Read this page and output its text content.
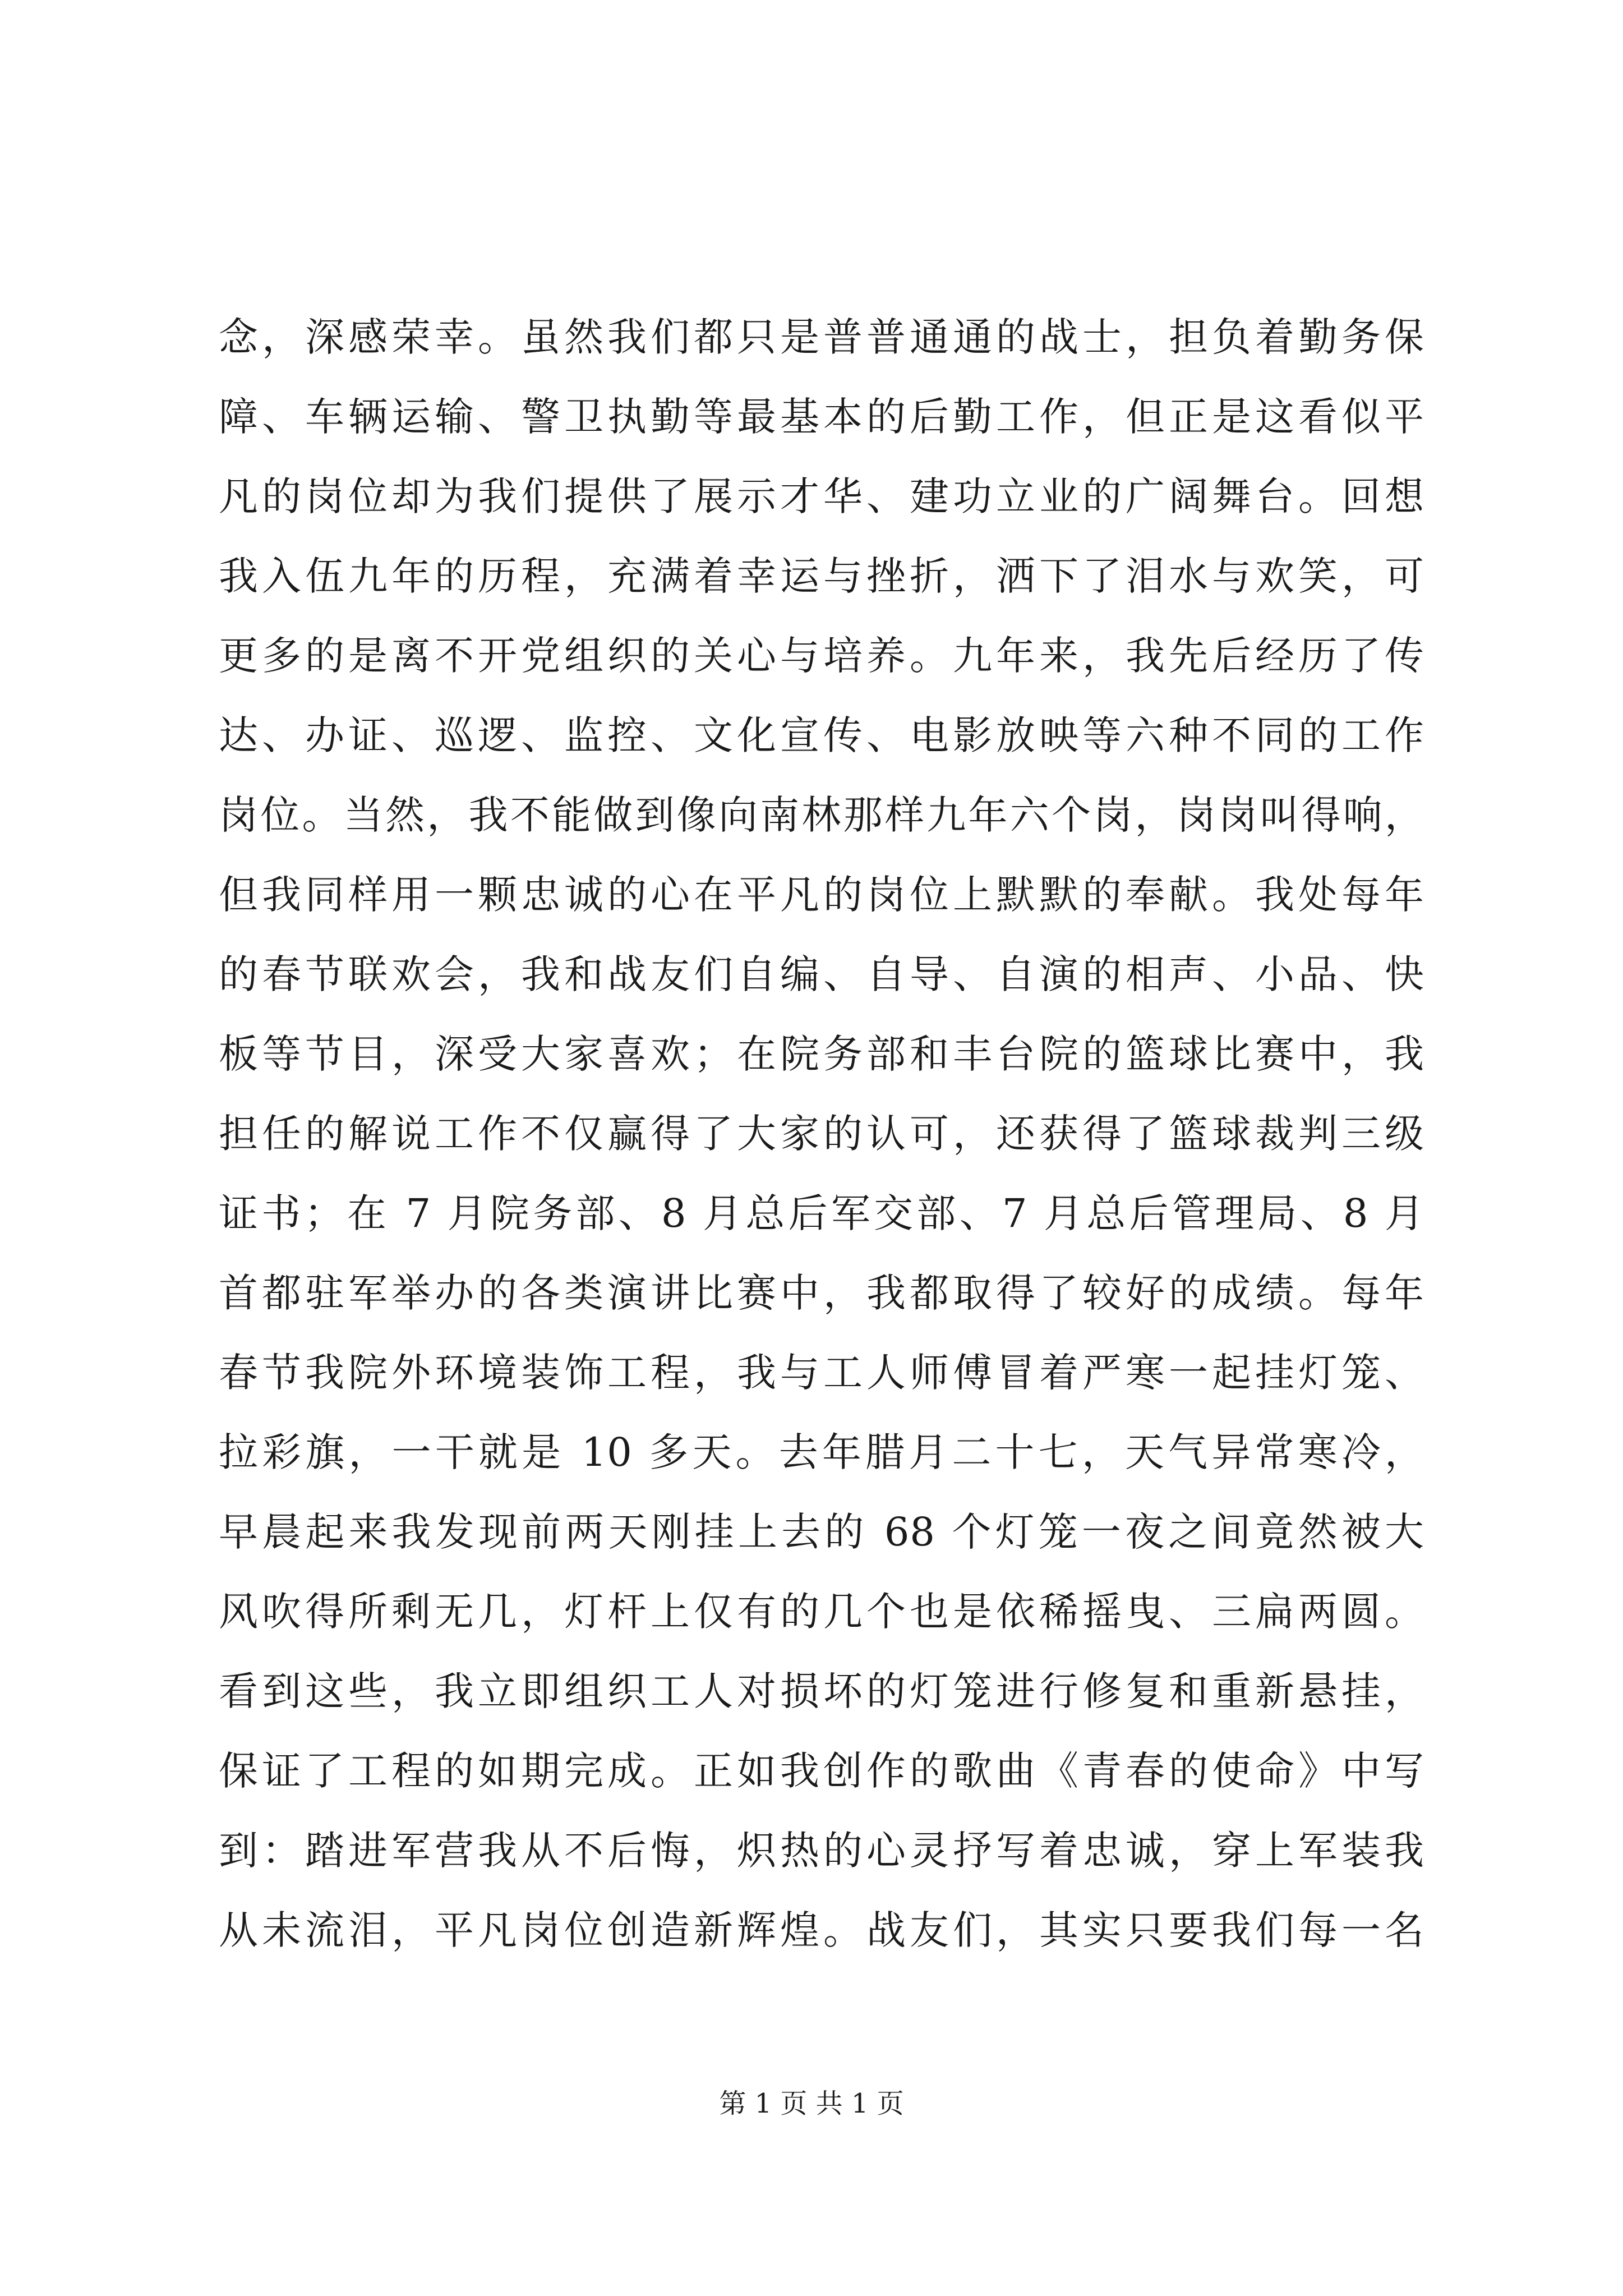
念，深感荣幸。虽然我们都只是普普通通的战士，担负着勤务保
障、车辆运输、警卫执勤等最基本的后勤工作，但正是这看似平
凡的岗位却为我们提供了展示才华、建功立业的广阔舞台。回想
我入伍九年的历程，充满着幸运与挫折，洒下了泪水与欢笑，可
更多的是离不开党组织的关心与培养。九年来，我先后经历了传
达、办证、巡逻、监控、文化宣传、电影放映等六种不同的工作
岗位。当然，我不能做到像向南林那样九年六个岗，岗岗叫得响，
但我同样用一颗忠诚的心在平凡的岗位上默默的奉献。我处每年
的春节联欢会，我和战友们自编、自导、自演的相声、小品、快
板等节目，深受大家喜欢；在院务部和丰台院的篮球比赛中，我
担任的解说工作不仅赢得了大家的认可，还获得了篮球裁判三级
证书；在 7 月院务部、8 月总后军交部、7 月总后管理局、8 月
首都驻军举办的各类演讲比赛中，我都取得了较好的成绩。每年
春节我院外环境装饰工程，我与工人师傅冒着严寒一起挂灯笼、
拉彩旗，一干就是 10 多天。去年腊月二十七，天气异常寒冷，
早晨起来我发现前两天刚挂上去的 68 个灯笼一夜之间竟然被大
风吹得所剩无几，灯杆上仅有的几个也是依稀摇曳、三扁两圆。
看到这些，我立即组织工人对损坏的灯笼进行修复和重新悬挂，
保证了工程的如期完成。正如我创作的歌曲《青春的使命》中写
到：踏进军营我从不后悔，炽热的心灵抒写着忠诚，穿上军装我
从未流泪，平凡岗位创造新辉煌。战友们，其实只要我们每一名
第 1 页 共 1 页
